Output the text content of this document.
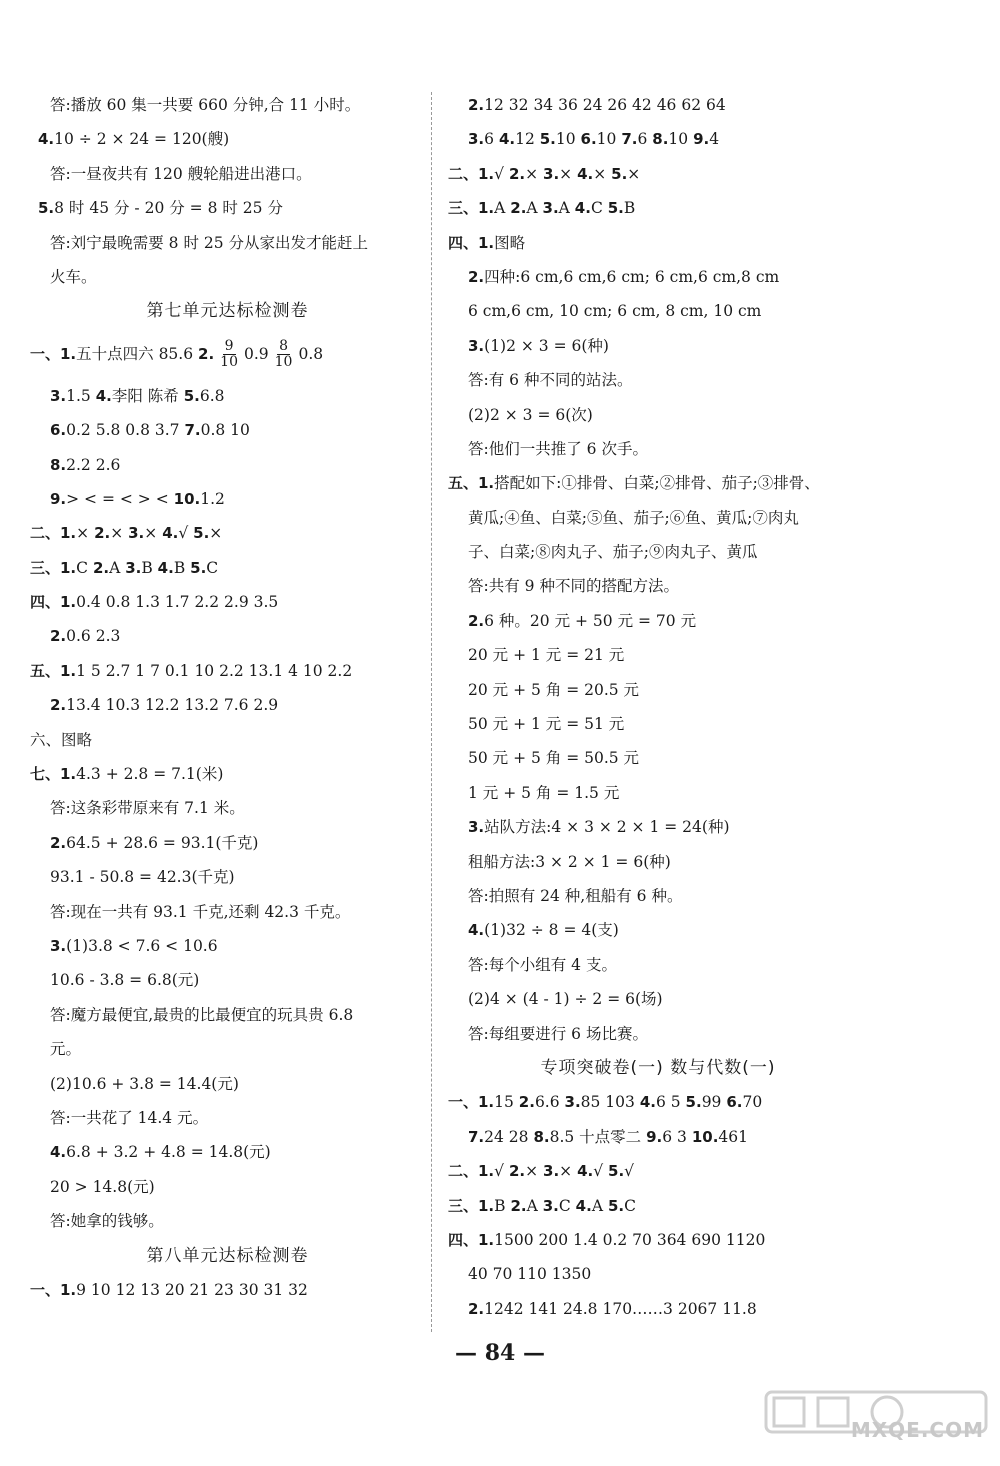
答:播放 60 集一共要 660 分钟,合 11 小时。
4.10 ÷ 2 × 24 = 120(艘)
答:一昼夜共有 120 艘轮船进出港口。
5.8 时 45 分 - 20 分 = 8 时 25 分
答:刘宁最晚需要 8 时 25 分从家出发才能赶上
火车。
第七单元达标检测卷
一、1.五十点四六 85.6 2. $\frac{9}{10} 0.9 \frac{8}{10} 0.8$
3.1.5 4.李阳 陈希 5.6.8
6.0.2 5.8 0.8 3.7 7.0.8 10
8.2.2 2.6
9.> < = < > < 10.1.2
二、1.× 2.× 3.× 4.√ 5.×
三、1.C 2.A 3.B 4.B 5.C
四、1.0.4 0.8 1.3 1.7 2.2 2.9 3.5
2.0.6 2.3
五、1.1 5 2.7 1 7 0.1 10 2.2 13.1 4 10 2.2
2.13.4 10.3 12.2 13.2 7.6 2.9
六、图略
七、1.4.3 + 2.8 = 7.1(米)
答:这条彩带原来有 7.1 米。
2.64.5 + 28.6 = 93.1(千克)
93.1 - 50.8 = 42.3(千克)
答:现在一共有 93.1 千克,还剩 42.3 千克。
3.(1)3.8 < 7.6 < 10.6
10.6 - 3.8 = 6.8(元)
答:魔方最便宜,最贵的比最便宜的玩具贵 6.8
元。
(2)10.6 + 3.8 = 14.4(元)
答:一共花了 14.4 元。
4.6.8 + 3.2 + 4.8 = 14.8(元)
20 > 14.8(元)
答:她拿的钱够。
第八单元达标检测卷
一、1.9 10 12 13 20 21 23 30 31 32
2.12 32 34 36 24 26 42 46 62 64
3.6 4.12 5.10 6.10 7.6 8.10 9.4
二、1.√ 2.× 3.× 4.× 5.×
三、1.A 2.A 3.A 4.C 5.B
四、1.图略
2.四种:6 cm,6 cm,6 cm; 6 cm,6 cm,8 cm
6 cm,6 cm, 10 cm; 6 cm, 8 cm, 10 cm
3.(1)2 × 3 = 6(种)
答:有 6 种不同的站法。
(2)2 × 3 = 6(次)
答:他们一共推了 6 次手。
五、1.搭配如下:①排骨、白菜;②排骨、茄子;③排骨、
黄瓜;④鱼、白菜;⑤鱼、茄子;⑥鱼、黄瓜;⑦肉丸
子、白菜;⑧肉丸子、茄子;⑨肉丸子、黄瓜
答:共有 9 种不同的搭配方法。
2.6 种。20 元 + 50 元 = 70 元
20 元 + 1 元 = 21 元
20 元 + 5 角 = 20.5 元
50 元 + 1 元 = 51 元
50 元 + 5 角 = 50.5 元
1 元 + 5 角 = 1.5 元
3.站队方法:4 × 3 × 2 × 1 = 24(种)
租船方法:3 × 2 × 1 = 6(种)
答:拍照有 24 种,租船有 6 种。
4.(1)32 ÷ 8 = 4(支)
答:每个小组有 4 支。
(2)4 × (4 - 1) ÷ 2 = 6(场)
答:每组要进行 6 场比赛。
专项突破卷(一) 数与代数(一)
一、1.15 2.6.6 3.85 103 4.6 5 5.99 6.70
7.24 28 8.8.5 十点零二 9.6 3 10.461
二、1.√ 2.× 3.× 4.√ 5.√
三、1.B 2.A 3.C 4.A 5.C
四、1.1500 200 1.4 0.2 70 364 690 1120
40 70 110 1350
2.1242 141 24.8 170……3 2067 11.8
— 84 —
MXQE.COM
